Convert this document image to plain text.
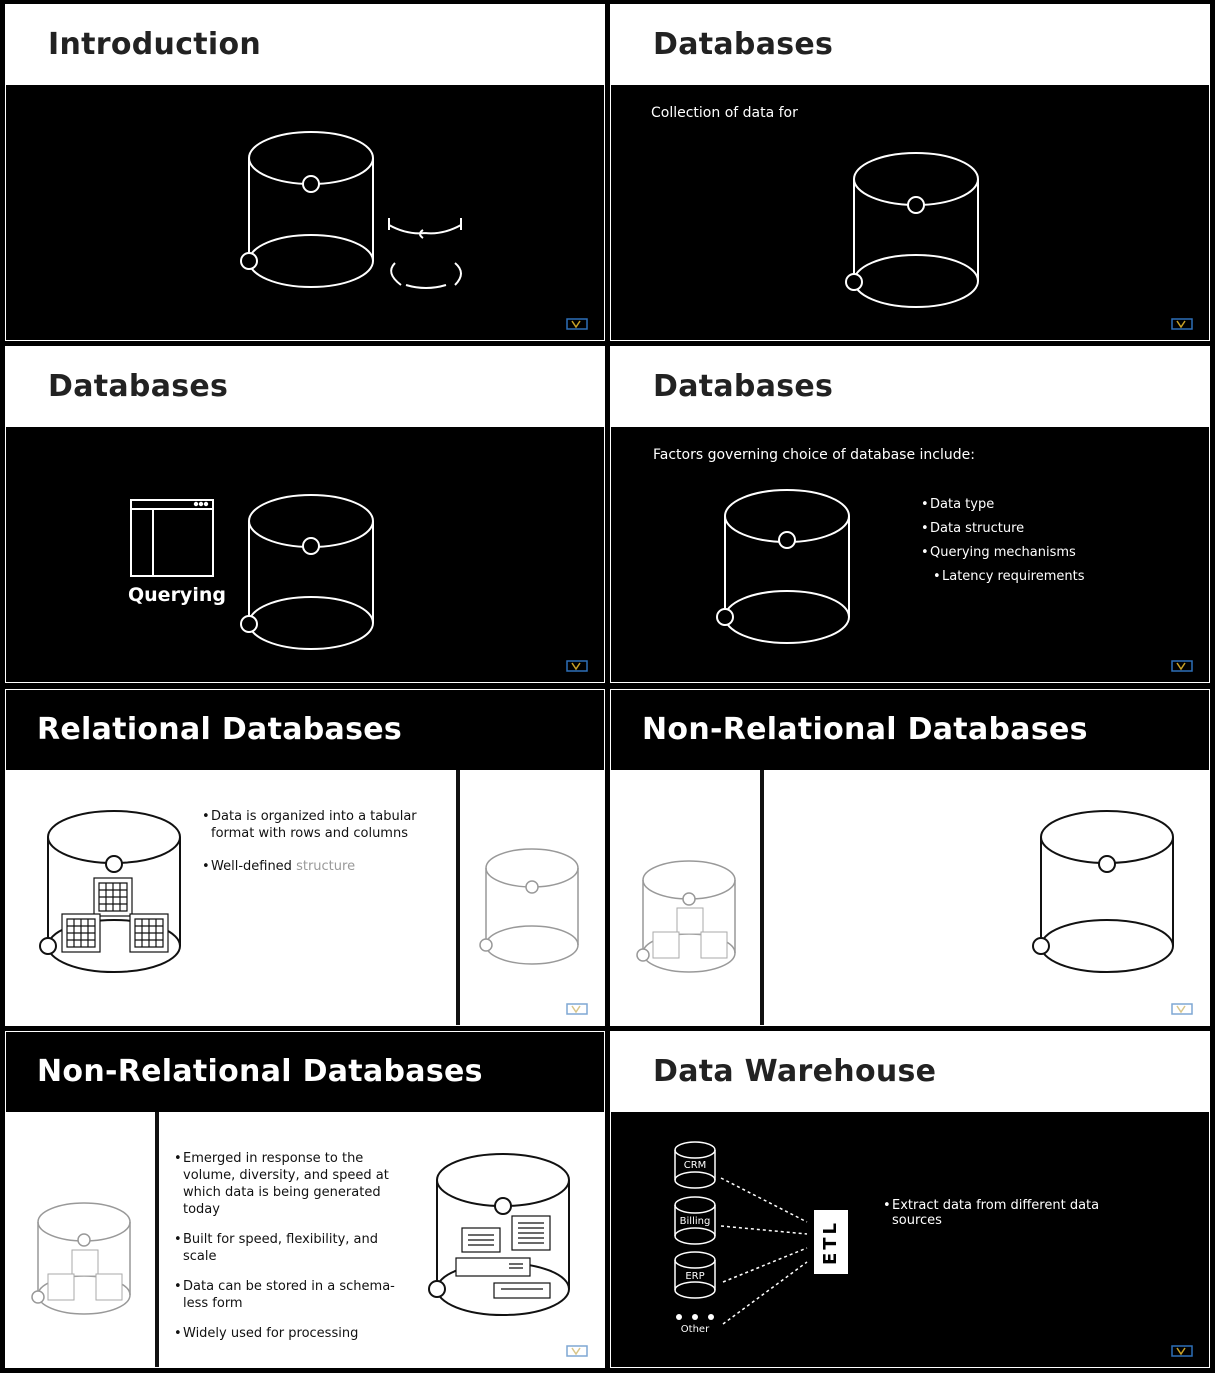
Introduction	Databases
Collection of data for
Databases
Querying
Databases
Factors governing choice of database include:
• Data type
• Data structure
• Querying mechanisms
• Latency requirements
Relational Databases
• Data is organized into a tabular format with rows and columns
• Well-defined structure
Non-Relational Databases
Non-Relational Databases
• Emerged in response to the volume, diversity, and speed at which data is being generated today
• Built for speed, flexibility, and scale
• Data can be stored in a schema-less form
• Widely used for processing
Data Warehouse
CRM
Billing
ERP
Other
ETL
• Extract data from different data sources
